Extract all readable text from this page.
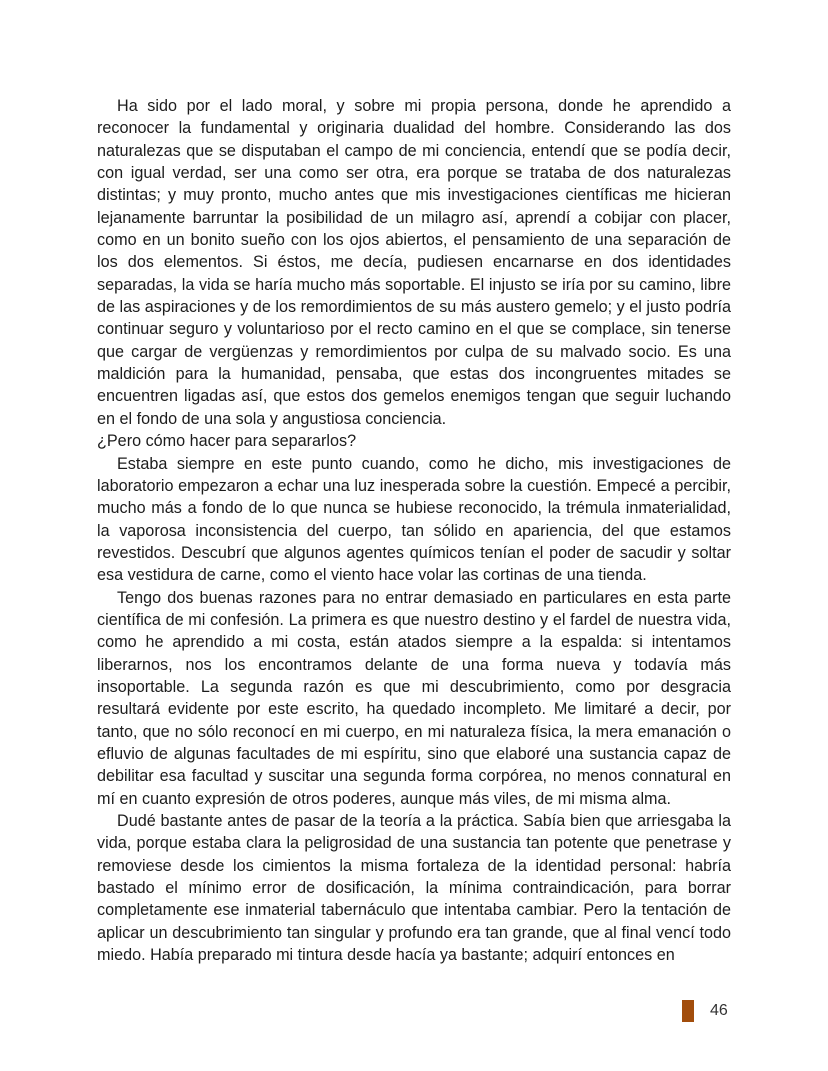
Ha sido por el lado moral, y sobre mi propia persona, donde he aprendido a reconocer la fundamental y originaria dualidad del hombre. Considerando las dos naturalezas que se disputaban el campo de mi conciencia, entendí que se podía decir, con igual verdad, ser una como ser otra, era porque se trataba de dos naturalezas distintas; y muy pronto, mucho antes que mis investigaciones científicas me hicieran lejanamente barruntar la posibilidad de un milagro así, aprendí a cobijar con placer, como en un bonito sueño con los ojos abiertos, el pensamiento de una separación de los dos elementos. Si éstos, me decía, pudiesen encarnarse en dos identidades separadas, la vida se haría mucho más soportable. El injusto se iría por su camino, libre de las aspiraciones y de los remordimientos de su más austero gemelo; y el justo podría continuar seguro y voluntarioso por el recto camino en el que se complace, sin tenerse que cargar de vergüenzas y remordimientos por culpa de su malvado socio. Es una maldición para la humanidad, pensaba, que estas dos incongruentes mitades se encuentren ligadas así, que estos dos gemelos enemigos tengan que seguir luchando en el fondo de una sola y angustiosa conciencia.

¿Pero cómo hacer para separarlos?

Estaba siempre en este punto cuando, como he dicho, mis investigaciones de laboratorio empezaron a echar una luz inesperada sobre la cuestión. Empecé a percibir, mucho más a fondo de lo que nunca se hubiese reconocido, la trémula inmaterialidad, la vaporosa inconsistencia del cuerpo, tan sólido en apariencia, del que estamos revestidos. Descubrí que algunos agentes químicos tenían el poder de sacudir y soltar esa vestidura de carne, como el viento hace volar las cortinas de una tienda.

Tengo dos buenas razones para no entrar demasiado en particulares en esta parte científica de mi confesión. La primera es que nuestro destino y el fardel de nuestra vida, como he aprendido a mi costa, están atados siempre a la espalda: si intentamos liberarnos, nos los encontramos delante de una forma nueva y todavía más insoportable. La segunda razón es que mi descubrimiento, como por desgracia resultará evidente por este escrito, ha quedado incompleto. Me limitaré a decir, por tanto, que no sólo reconocí en mi cuerpo, en mi naturaleza física, la mera emanación o efluvio de algunas facultades de mi espíritu, sino que elaboré una sustancia capaz de debilitar esa facultad y suscitar una segunda forma corpórea, no menos connatural en mí en cuanto expresión de otros poderes, aunque más viles, de mi misma alma.

Dudé bastante antes de pasar de la teoría a la práctica. Sabía bien que arriesgaba la vida, porque estaba clara la peligrosidad de una sustancia tan potente que penetrase y removiese desde los cimientos la misma fortaleza de la identidad personal: habría bastado el mínimo error de dosificación, la mínima contraindicación, para borrar completamente ese inmaterial tabernáculo que intentaba cambiar. Pero la tentación de aplicar un descubrimiento tan singular y profundo era tan grande, que al final vencí todo miedo. Había preparado mi tintura desde hacía ya bastante; adquirí entonces en

46
